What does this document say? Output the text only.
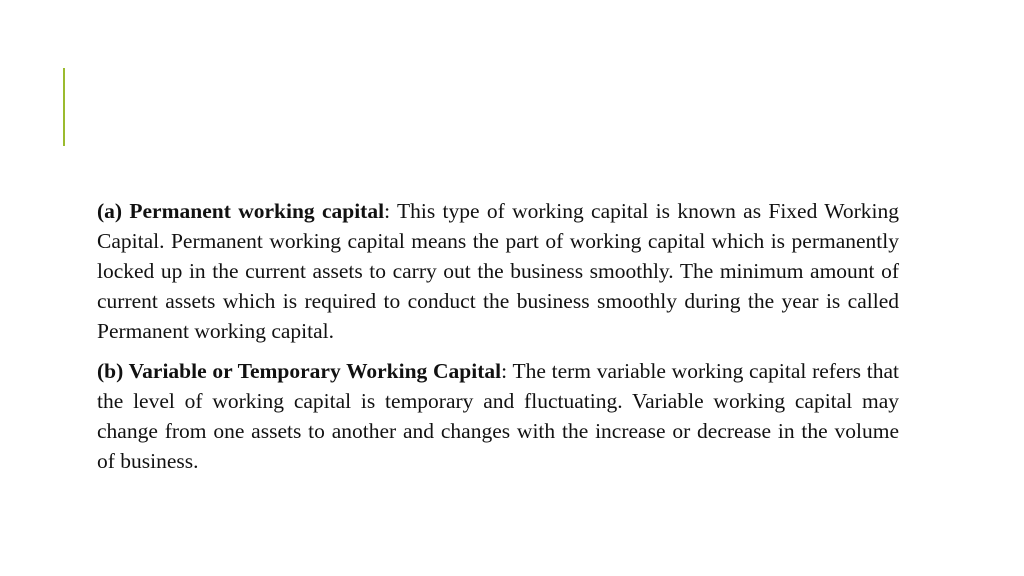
(a) Permanent working capital: This type of working capital is known as Fixed Working Capital. Permanent working capital means the part of working capital which is permanently locked up in the current assets to carry out the business smoothly. The minimum amount of current assets which is required to conduct the business smoothly during the year is called Permanent working capital.

(b) Variable or Temporary Working Capital: The term variable working capital refers that the level of working capital is temporary and fluctuating. Variable working capital may change from one assets to another and changes with the increase or decrease in the volume of business.
